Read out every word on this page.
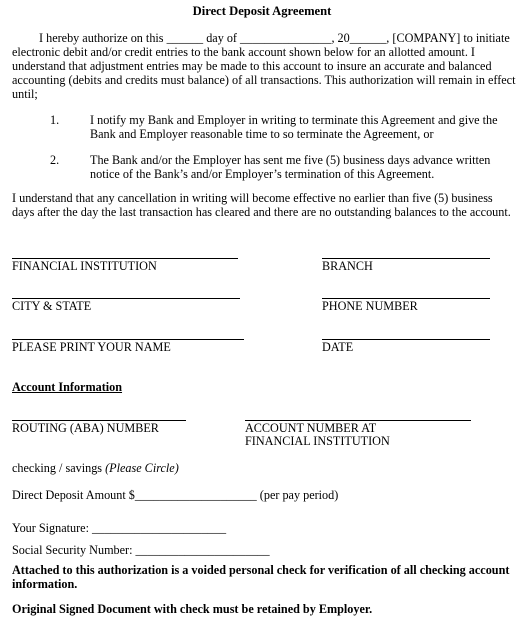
Direct Deposit Agreement
I hereby authorize on this ______ day of _______________, 20______, [COMPANY] to initiate electronic debit and/or credit entries to the bank account shown below for an allotted amount. I understand that adjustment entries may be made to this account to insure an accurate and balanced accounting (debits and credits must balance) of all transactions. This authorization will remain in effect until;
1.	I notify my Bank and Employer in writing to terminate this Agreement and give the Bank and Employer reasonable time to so terminate the Agreement, or
2.	The Bank and/or the Employer has sent me five (5) business days advance written notice of the Bank’s and/or Employer’s termination of this Agreement.
I understand that any cancellation in writing will become effective no earlier than five (5) business days after the day the last transaction has cleared and there are no outstanding balances to the account.
FINANCIAL INSTITUTION	BRANCH
CITY & STATE	PHONE NUMBER
PLEASE PRINT YOUR NAME	DATE
Account Information
ROUTING (ABA) NUMBER	ACCOUNT NUMBER AT
FINANCIAL INSTITUTION
checking / savings (Please Circle)
Direct Deposit Amount $____________________ (per pay period)
Your Signature: ______________________
Social Security Number: ______________________
Attached to this authorization is a voided personal check for verification of all checking account information.
Original Signed Document with check must be retained by Employer.
